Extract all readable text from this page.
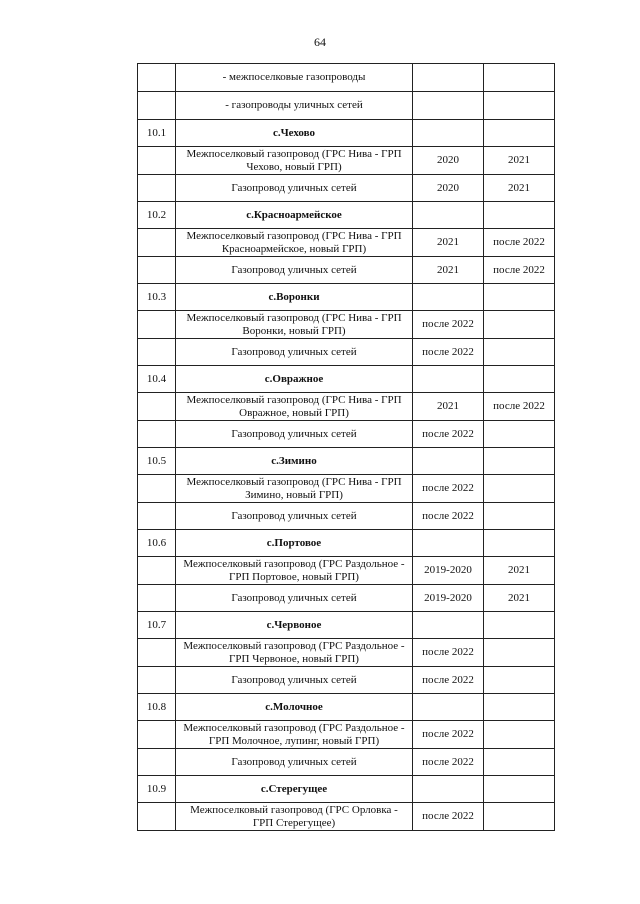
64
	- межпоселковые газопроводы		
	- газопроводы уличных сетей		
10.1	с.Чехово		
	Межпоселковый газопровод (ГРС Нива - ГРП Чехово, новый ГРП)	2020	2021
	Газопровод уличных сетей	2020	2021
10.2	с.Красноармейское		
	Межпоселковый газопровод (ГРС Нива - ГРП Красноармейское, новый ГРП)	2021	после 2022
	Газопровод уличных сетей	2021	после 2022
10.3	с.Воронки		
	Межпоселковый газопровод (ГРС Нива - ГРП Воронки, новый ГРП)	после 2022	
	Газопровод уличных сетей	после 2022	
10.4	с.Овражное		
	Межпоселковый газопровод (ГРС Нива - ГРП Овражное, новый ГРП)	2021	после 2022
	Газопровод уличных сетей	после 2022	
10.5	с.Зимино		
	Межпоселковый газопровод (ГРС Нива - ГРП Зимино, новый ГРП)	после 2022	
	Газопровод уличных сетей	после 2022	
10.6	с.Портовое		
	Межпоселковый газопровод (ГРС Раздольное - ГРП Портовое, новый ГРП)	2019-2020	2021
	Газопровод уличных сетей	2019-2020	2021
10.7	с.Червоное		
	Межпоселковый газопровод (ГРС Раздольное - ГРП Червоное, новый ГРП)	после 2022	
	Газопровод уличных сетей	после 2022	
10.8	с.Молочное		
	Межпоселковый газопровод (ГРС Раздольное - ГРП Молочное, лупинг, новый ГРП)	после 2022	
	Газопровод уличных сетей	после 2022	
10.9	с.Стерегущее		
	Межпоселковый газопровод (ГРС Орловка - ГРП Стерегущее)	после 2022	
